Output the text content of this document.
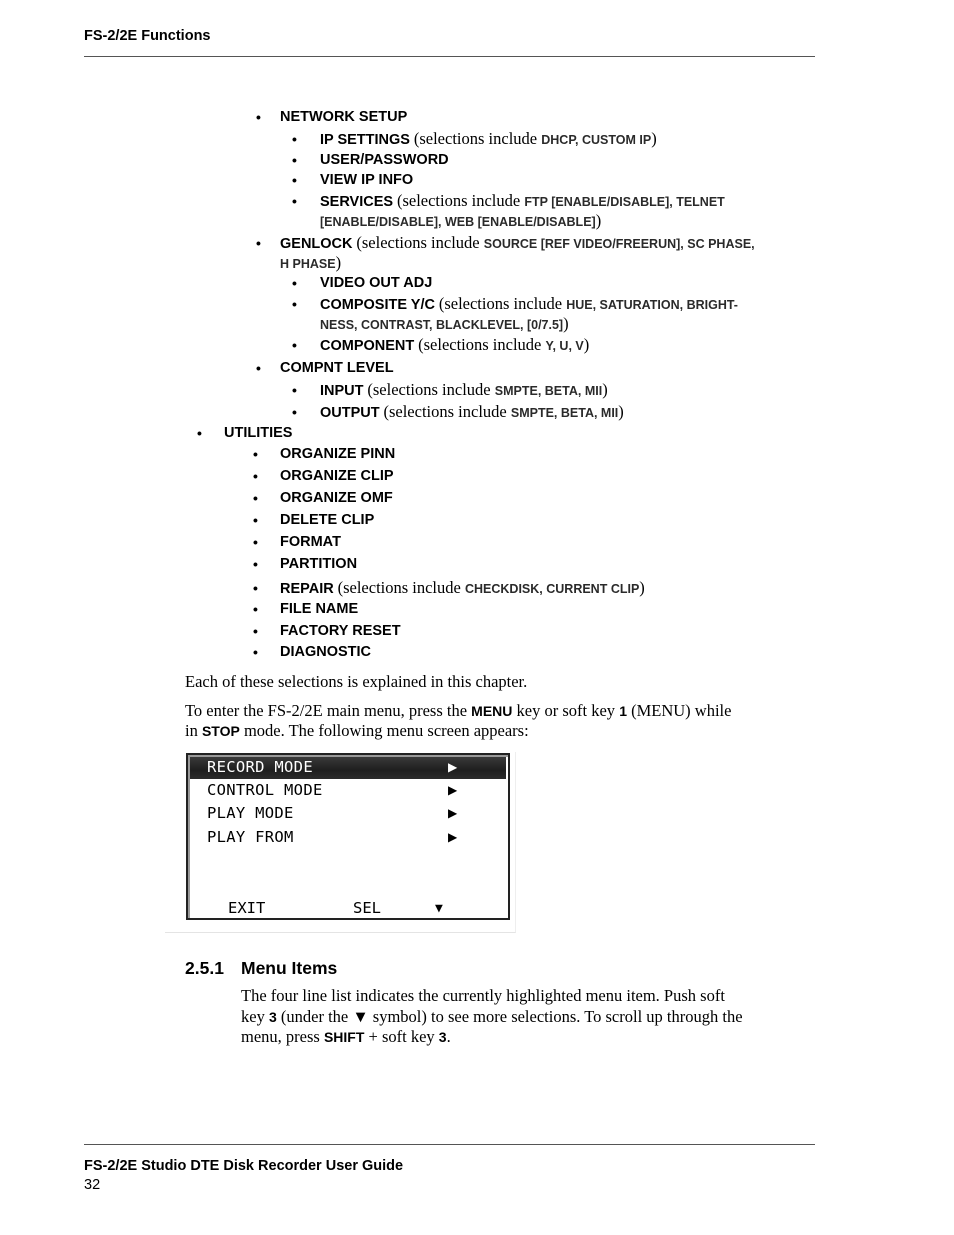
FS-2/2E Functions
• NETWORK SETUP
• IP SETTINGS (selections include DHCP, CUSTOM IP)
• USER/PASSWORD
• VIEW IP INFO
• SERVICES (selections include FTP [ENABLE/DISABLE], TELNET
[ENABLE/DISABLE], WEB [ENABLE/DISABLE])
• GENLOCK (selections include SOURCE [REF VIDEO/FREERUN], SC PHASE,
H PHASE)
• VIDEO OUT ADJ
• COMPOSITE Y/C (selections include HUE, SATURATION, BRIGHT-
NESS, CONTRAST, BLACKLEVEL, [0/7.5])
• COMPONENT (selections include Y, U, V)
• COMPNT LEVEL
• INPUT (selections include SMPTE, BETA, MII)
• OUTPUT (selections include SMPTE, BETA, MII)
• UTILITIES
• ORGANIZE PINN
• ORGANIZE CLIP
• ORGANIZE OMF
• DELETE CLIP
• FORMAT
• PARTITION
• REPAIR (selections include CHECKDISK, CURRENT CLIP)
• FILE NAME
• FACTORY RESET
• DIAGNOSTIC
Each of these selections is explained in this chapter.
To enter the FS-2/2E main menu, press the MENU key or soft key 1 (MENU) while
in STOP mode. The following menu screen appears:
RECORD MODE	▶
CONTROL MODE	▶
PLAY MODE	▶
PLAY FROM	▶
EXIT	SEL	▼
2.5.1 Menu Items
The four line list indicates the currently highlighted menu item. Push soft
key 3 (under the ▼ symbol) to see more selections. To scroll up through the
menu, press SHIFT + soft key 3.
FS-2/2E Studio DTE Disk Recorder User Guide
32
